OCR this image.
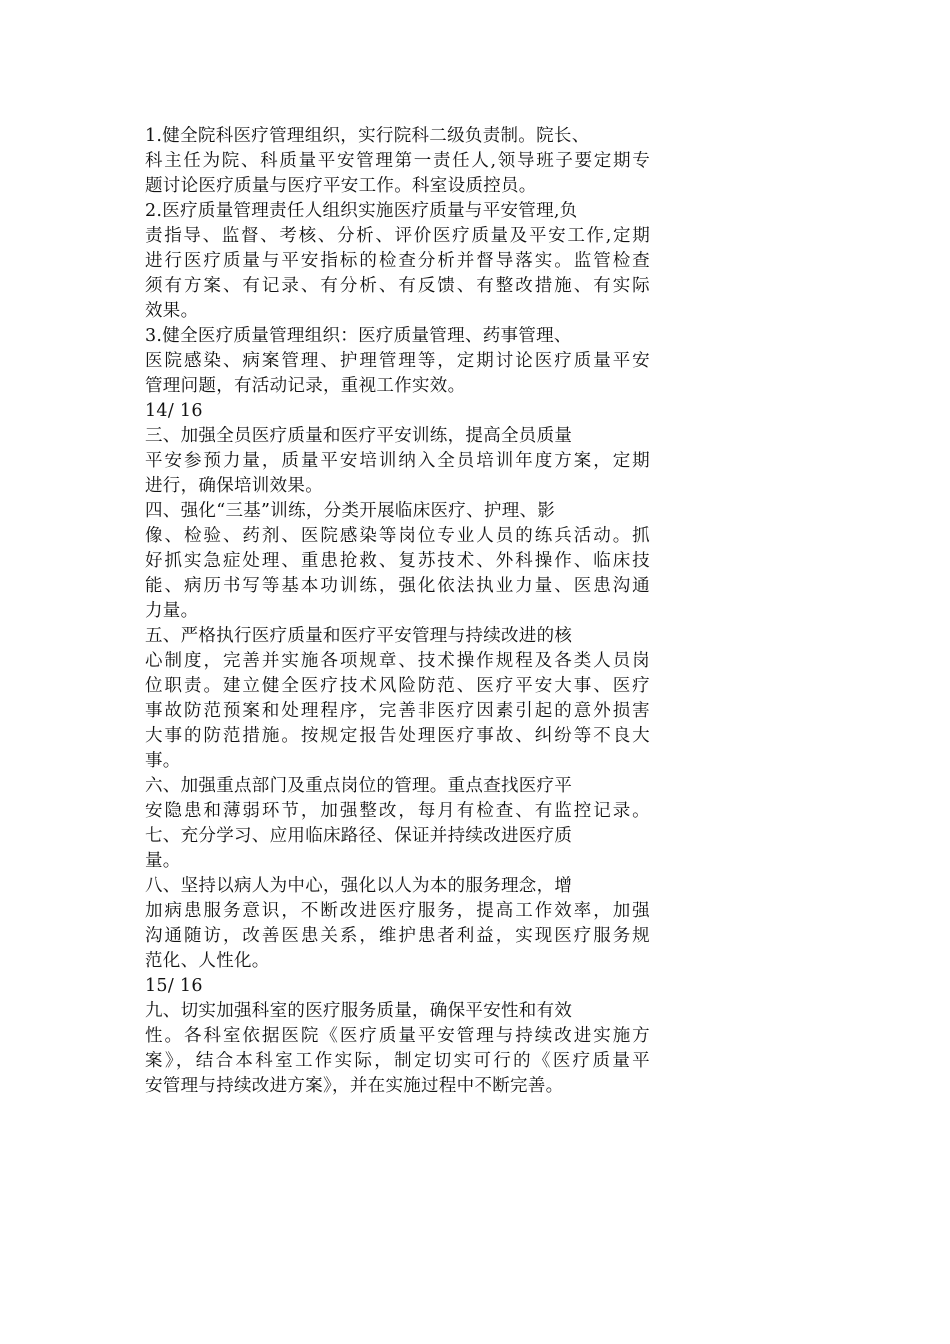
1.健全院科医疗管理组织，实行院科二级负责制。院长、
科主任为院、科质量平安管理第一责任人,领导班子要定期专
题讨论医疗质量与医疗平安工作。科室设质控员。
2.医疗质量管理责任人组织实施医疗质量与平安管理,负
责指导、监督、考核、分析、评价医疗质量及平安工作,定期
进行医疗质量与平安指标的检查分析并督导落实。监管检查
须有方案、有记录、有分析、有反馈、有整改措施、有实际
效果。
3.健全医疗质量管理组织：医疗质量管理、药事管理、
医院感染、病案管理、护理管理等，定期讨论医疗质量平安
管理问题，有活动记录，重视工作实效。
14/ 16
三、加强全员医疗质量和医疗平安训练，提高全员质量
平安参预力量，质量平安培训纳入全员培训年度方案，定期
进行，确保培训效果。
四、强化“三基”训练，分类开展临床医疗、护理、影
像、检验、药剂、医院感染等岗位专业人员的练兵活动。抓
好抓实急症处理、重患抢救、复苏技术、外科操作、临床技
能、病历书写等基本功训练，强化依法执业力量、医患沟通
力量。
五、严格执行医疗质量和医疗平安管理与持续改进的核
心制度，完善并实施各项规章、技术操作规程及各类人员岗
位职责。建立健全医疗技术风险防范、医疗平安大事、医疗
事故防范预案和处理程序，完善非医疗因素引起的意外损害
大事的防范措施。按规定报告处理医疗事故、纠纷等不良大
事。
六、加强重点部门及重点岗位的管理。重点查找医疗平
安隐患和薄弱环节，加强整改，每月有检查、有监控记录。
七、充分学习、应用临床路径、保证并持续改进医疗质
量。
八、坚持以病人为中心，强化以人为本的服务理念，增
加病患服务意识，不断改进医疗服务，提高工作效率，加强
沟通随访，改善医患关系，维护患者利益，实现医疗服务规
范化、人性化。
15/ 16
九、切实加强科室的医疗服务质量，确保平安性和有效
性。各科室依据医院《医疗质量平安管理与持续改进实施方
案》，结合本科室工作实际，制定切实可行的《医疗质量平
安管理与持续改进方案》，并在实施过程中不断完善。
